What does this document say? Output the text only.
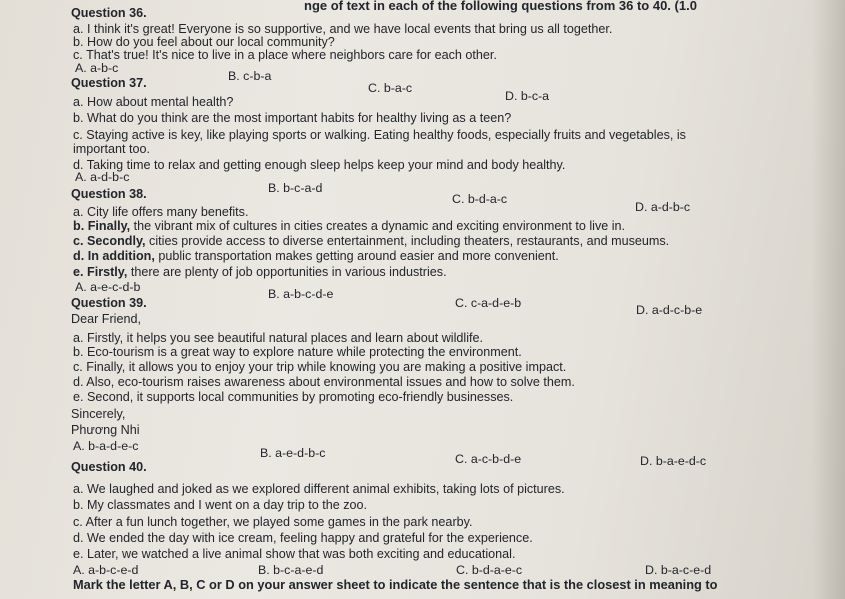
Question 36.	nge of text in each of the following questions from 36 to 40. (1.0
a. I think it's great! Everyone is so supportive, and we have local events that bring us all together.
b. How do you feel about our local community?
c. That's true! It's nice to live in a place where neighbors care for each other.
A. a-b-c
B. c-b-a
C. b-a-c
D. b-c-a
Question 37.
a. How about mental health?
b. What do you think are the most important habits for healthy living as a teen?
c. Staying active is key, like playing sports or walking. Eating healthy foods, especially fruits and vegetables, is
important too.
d. Taking time to relax and getting enough sleep helps keep your mind and body healthy.
A. a-d-b-c
B. b-c-a-d
C. b-d-a-c
D. a-d-b-c
Question 38.
a. City life offers many benefits.
b. Finally, the vibrant mix of cultures in cities creates a dynamic and exciting environment to live in.
c. Secondly, cities provide access to diverse entertainment, including theaters, restaurants, and museums.
d. In addition, public transportation makes getting around easier and more convenient.
e. Firstly, there are plenty of job opportunities in various industries.
A. a-e-c-d-b	B. a-b-c-d-e
C. c-a-d-e-b	D. a-d-c-b-e
Question 39.
Dear Friend,
a. Firstly, it helps you see beautiful natural places and learn about wildlife.
b. Eco-tourism is a great way to explore nature while protecting the environment.
c. Finally, it allows you to enjoy your trip while knowing you are making a positive impact.
d. Also, eco-tourism raises awareness about environmental issues and how to solve them.
e. Second, it supports local communities by promoting eco-friendly businesses.
Sincerely,
Phương Nhi
A. b-a-d-e-c	B. a-e-d-b-c	C. a-c-b-d-e	D. b-a-e-d-c
Question 40.
a. We laughed and joked as we explored different animal exhibits, taking lots of pictures.
b. My classmates and I went on a day trip to the zoo.
c. After a fun lunch together, we played some games in the park nearby.
d. We ended the day with ice cream, feeling happy and grateful for the experience.
e. Later, we watched a live animal show that was both exciting and educational.
A. a-b-c-e-d	B. b-c-a-e-d	C. b-d-a-e-c	D. b-a-c-e-d
Mark the letter A, B, C or D on your answer sheet to indicate the sentence that is the closest in meaning to
